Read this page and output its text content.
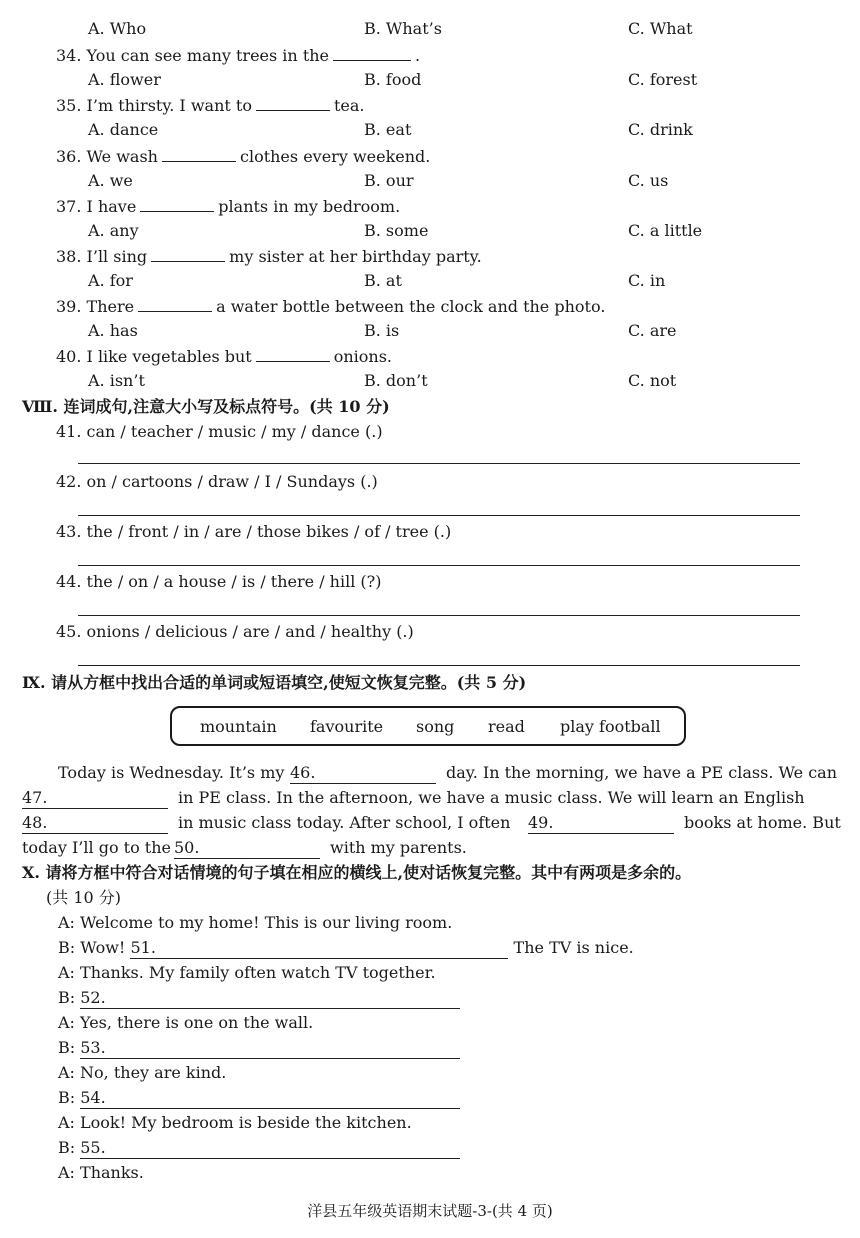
A. Who	B. What’s	C. What
34. You can see many trees in the	.
A. flower	B. food	C. forest
35. I’m thirsty. I want to	tea.
A. dance	B. eat	C. drink
36. We wash	clothes every weekend.
A. we	B. our	C. us
37. I have	plants in my bedroom.
A. any	B. some	C. a little
38. I’ll sing	my sister at her birthday party.
A. for	B. at	C. in
39. There	a water bottle between the clock and the photo.
A. has	B. is	C. are
40. I like vegetables but	onions.
A. isn’t	B. don’t	C. not
Ⅷ. 连词成句,注意大小写及标点符号。(共 10 分)
41. can / teacher / music / my / dance (.)
42. on / cartoons / draw / I / Sundays (.)
43. the / front / in / are / those bikes / of / tree (.)
44. the / on / a house / is / there / hill (?)
45. onions / delicious / are / and / healthy (.)
Ⅸ. 请从方框中找出合适的单词或短语填空,使短文恢复完整。(共 5 分)
mountain favourite song read play football
Today is Wednesday. It’s my 46.	day. In the morning, we have a PE class. We can
47.	in PE class. In the afternoon, we have a music class. We will learn an English
48.	in music class today. After school, I often 49.	books at home. But
today I’ll go to the 50.	with my parents.
Ⅹ. 请将方框中符合对话情境的句子填在相应的横线上,使对话恢复完整。其中有两项是多余的。
(共 10 分)
A: Welcome to my home! This is our living room.
B: Wow! 51.	The TV is nice.
A: Thanks. My family often watch TV together.
B: 52.
A: Yes, there is one on the wall.
B: 53.
A: No, they are kind.
B: 54.
A: Look! My bedroom is beside the kitchen.
B: 55.
A: Thanks.
洋县五年级英语期末试题-3-(共 4 页)
